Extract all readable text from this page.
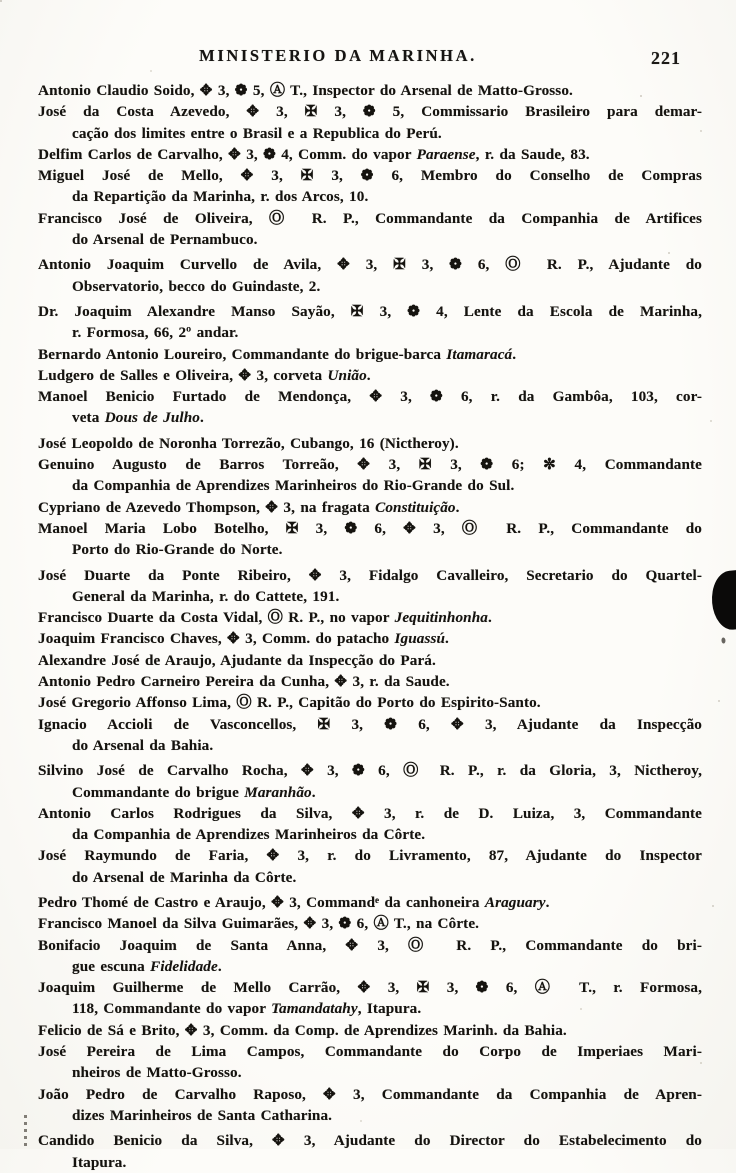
MINISTERIO DA MARINHA.	221
Antonio Claudio Soido, ✥ 3, ❁ 5, Ⓐ T., Inspector do Arsenal de Matto-Grosso.
José da Costa Azevedo, ✥ 3, ✠ 3, ❁ 5, Commissario Brasileiro para demar-
cação dos limites entre o Brasil e a Republica do Perú.
Delfim Carlos de Carvalho, ✥ 3, ❁ 4, Comm. do vapor Paraense, r. da Saude, 83.
Miguel José de Mello, ✥ 3, ✠ 3, ❁ 6, Membro do Conselho de Compras
da Repartição da Marinha, r. dos Arcos, 10.
Francisco José de Oliveira, Ⓞ R. P., Commandante da Companhia de Artifices
do Arsenal de Pernambuco.
Antonio Joaquim Curvello de Avila, ✥ 3, ✠ 3, ❁ 6, Ⓞ R. P., Ajudante do
Observatorio, becco do Guindaste, 2.
Dr. Joaquim Alexandre Manso Sayão, ✠ 3, ❁ 4, Lente da Escola de Marinha,
r. Formosa, 66, 2º andar.
Bernardo Antonio Loureiro, Commandante do brigue-barca Itamaracá.
Ludgero de Salles e Oliveira, ✥ 3, corveta União.
Manoel Benicio Furtado de Mendonça, ✥ 3, ❁ 6, r. da Gambôa, 103, cor-
veta Dous de Julho.
José Leopoldo de Noronha Torrezão, Cubango, 16 (Nictheroy).
Genuino Augusto de Barros Torreão, ✥ 3, ✠ 3, ❁ 6; ✼ 4, Commandante
da Companhia de Aprendizes Marinheiros do Rio-Grande do Sul.
Cypriano de Azevedo Thompson, ✥ 3, na fragata Constituição.
Manoel Maria Lobo Botelho, ✠ 3, ❁ 6, ✥ 3, Ⓞ R. P., Commandante do
Porto do Rio-Grande do Norte.
José Duarte da Ponte Ribeiro, ✥ 3, Fidalgo Cavalleiro, Secretario do Quartel-
General da Marinha, r. do Cattete, 191.
Francisco Duarte da Costa Vidal, Ⓞ R. P., no vapor Jequitinhonha.
Joaquim Francisco Chaves, ✥ 3, Comm. do patacho Iguassú.
Alexandre José de Araujo, Ajudante da Inspecção do Pará.
Antonio Pedro Carneiro Pereira da Cunha, ✥ 3, r. da Saude.
José Gregorio Affonso Lima, Ⓞ R. P., Capitão do Porto do Espirito-Santo.
Ignacio Accioli de Vasconcellos, ✠ 3, ❁ 6, ✥ 3, Ajudante da Inspecção
do Arsenal da Bahia.
Silvino José de Carvalho Rocha, ✥ 3, ❁ 6, Ⓞ R. P., r. da Gloria, 3, Nictheroy,
Commandante do brigue Maranhão.
Antonio Carlos Rodrigues da Silva, ✥ 3, r. de D. Luiza, 3, Commandante
da Companhia de Aprendizes Marinheiros da Côrte.
José Raymundo de Faria, ✥ 3, r. do Livramento, 87, Ajudante do Inspector
do Arsenal de Marinha da Côrte.
Pedro Thomé de Castro e Araujo, ✥ 3, Commandᵉ da canhoneira Araguary.
Francisco Manoel da Silva Guimarães, ✥ 3, ❁ 6, Ⓐ T., na Côrte.
Bonifacio Joaquim de Santa Anna, ✥ 3, Ⓞ R. P., Commandante do bri-
gue escuna Fidelidade.
Joaquim Guilherme de Mello Carrão, ✥ 3, ✠ 3, ❁ 6, Ⓐ T., r. Formosa,
118, Commandante do vapor Tamandatahy, Itapura.
Felicio de Sá e Brito, ✥ 3, Comm. da Comp. de Aprendizes Marinh. da Bahia.
José Pereira de Lima Campos, Commandante do Corpo de Imperiaes Mari-
nheiros de Matto-Grosso.
João Pedro de Carvalho Raposo, ✥ 3, Commandante da Companhia de Apren-
dizes Marinheiros de Santa Catharina.
Candido Benicio da Silva, ✥ 3, Ajudante do Director do Estabelecimento do
Itapura.
